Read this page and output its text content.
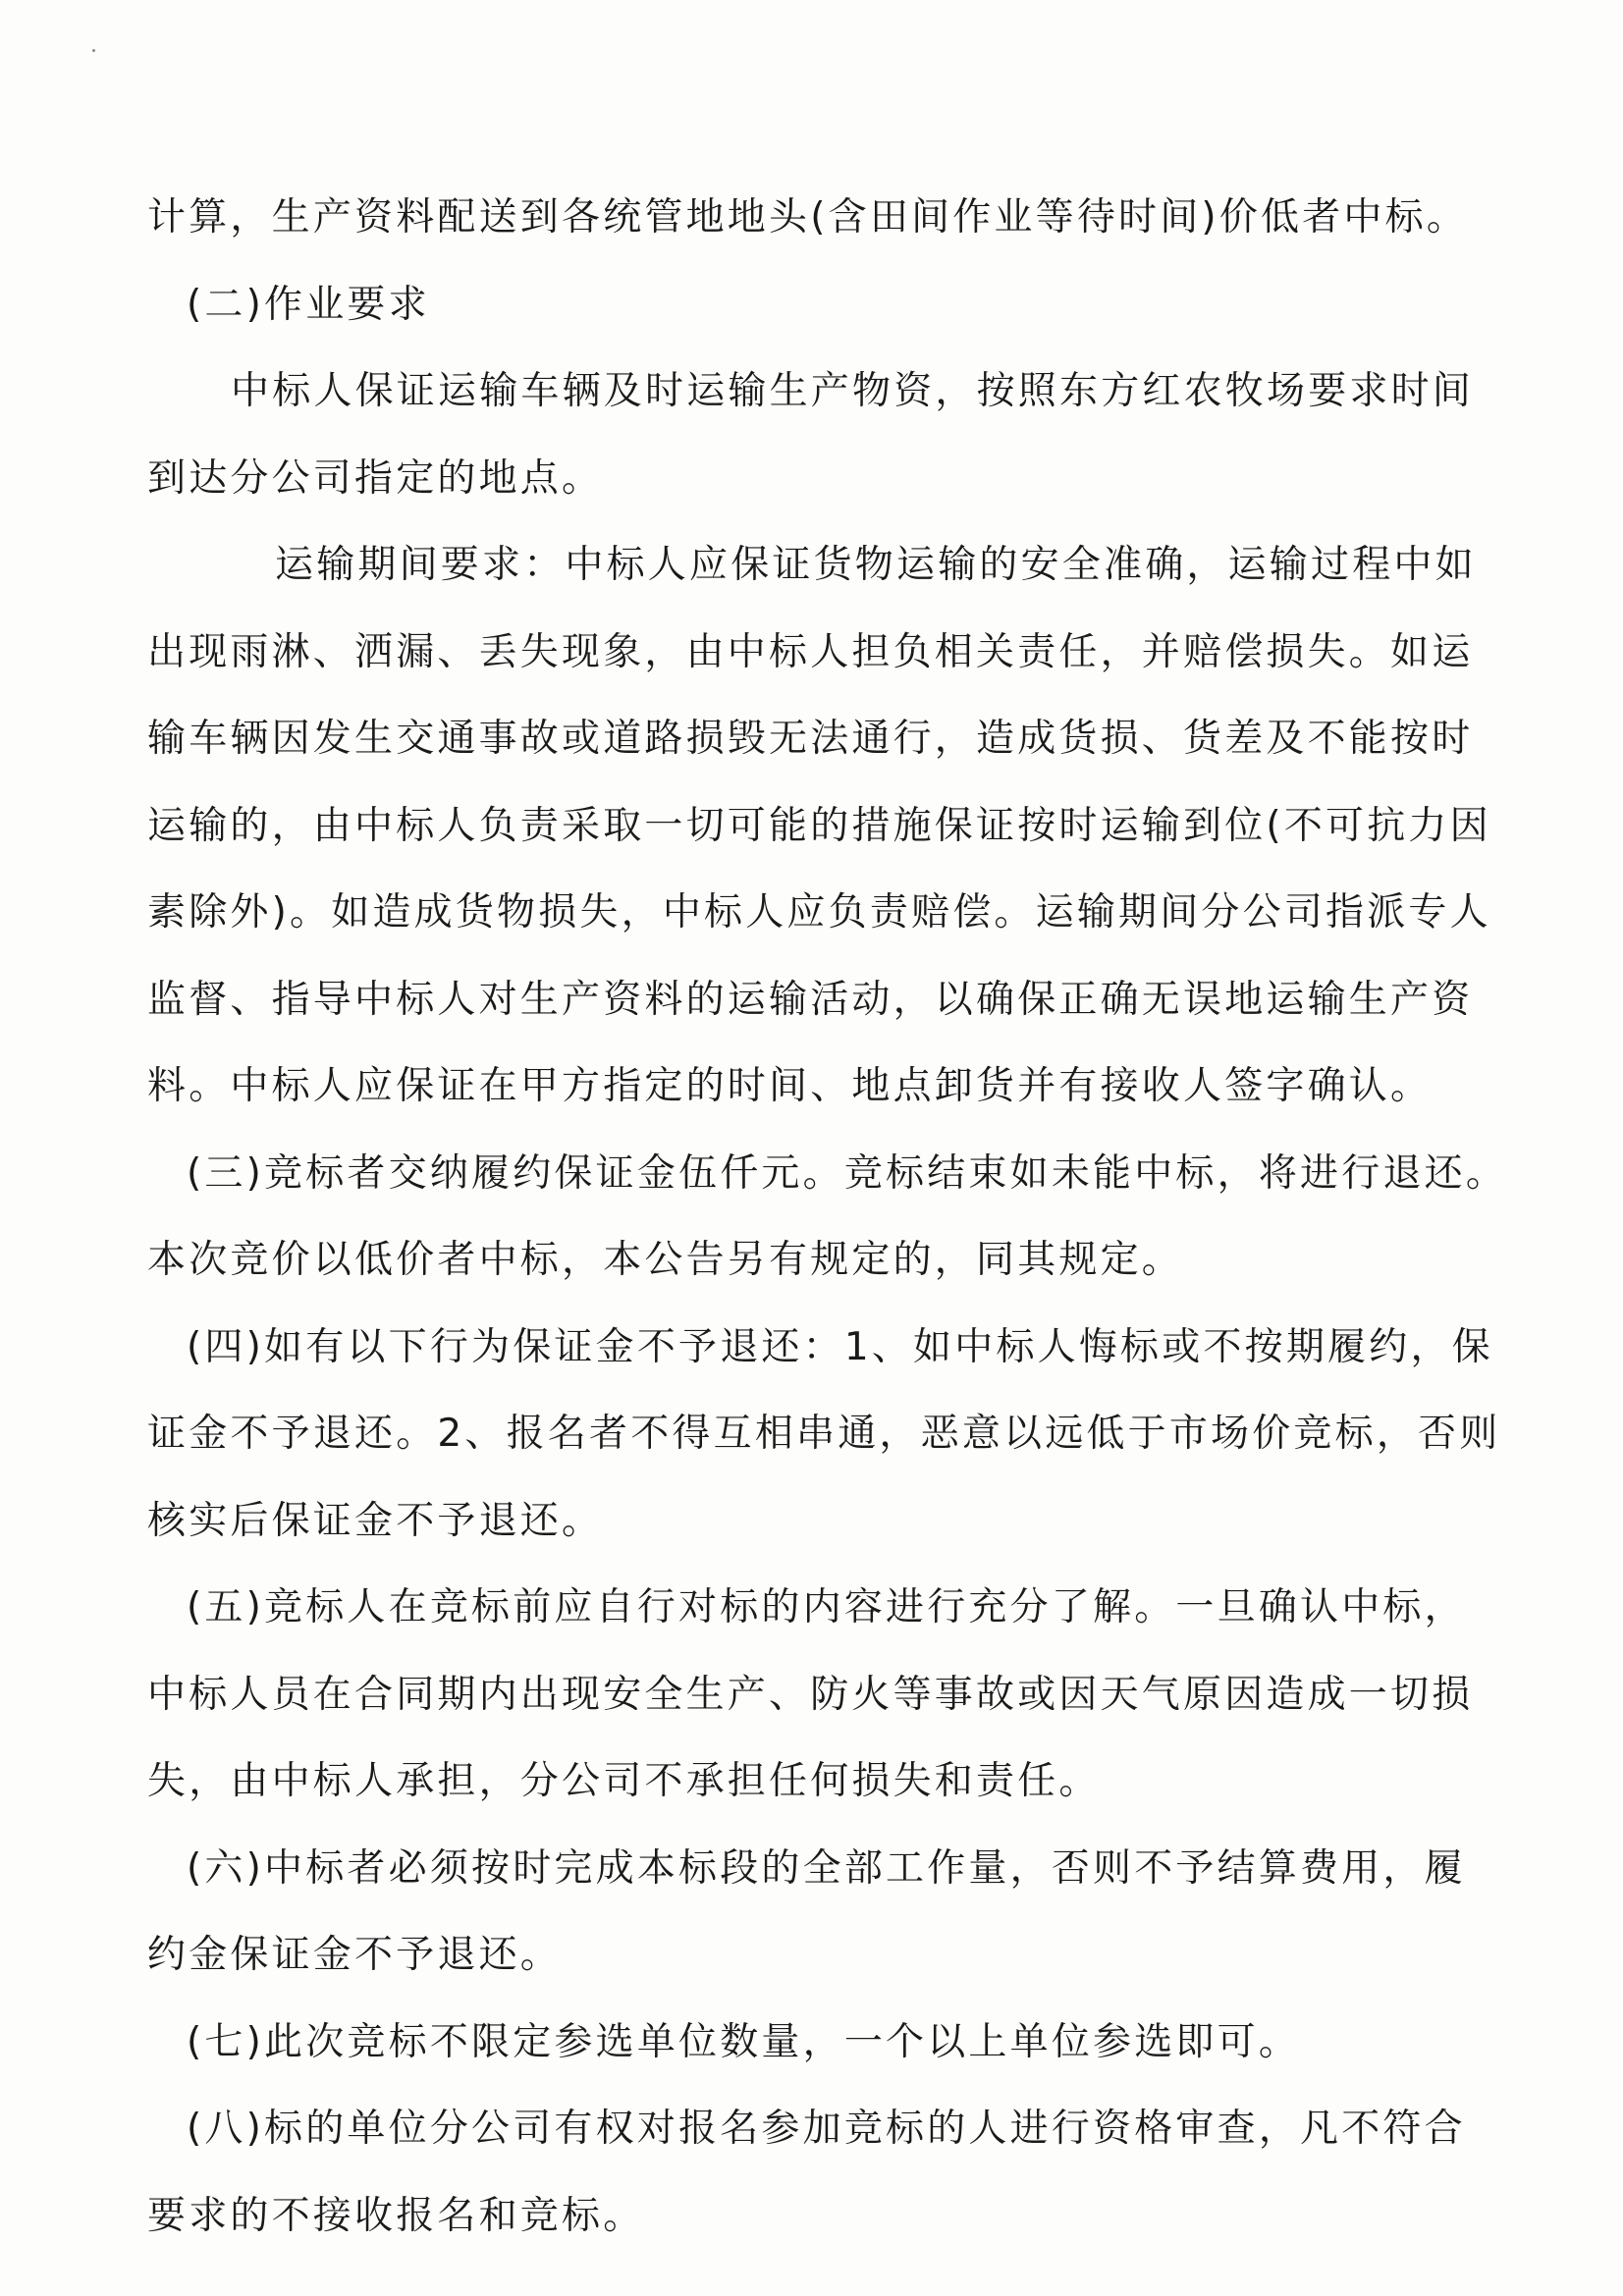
计算，生产资料配送到各统管地地头(含田间作业等待时间)价低者中标。

(二)作业要求

中标人保证运输车辆及时运输生产物资，按照东方红农牧场要求时间

到达分公司指定的地点。

运输期间要求：中标人应保证货物运输的安全准确，运输过程中如

出现雨淋、洒漏、丢失现象，由中标人担负相关责任，并赔偿损失。如运

输车辆因发生交通事故或道路损毁无法通行，造成货损、货差及不能按时

运输的，由中标人负责采取一切可能的措施保证按时运输到位(不可抗力因

素除外)。如造成货物损失，中标人应负责赔偿。运输期间分公司指派专人

监督、指导中标人对生产资料的运输活动，以确保正确无误地运输生产资

料。中标人应保证在甲方指定的时间、地点卸货并有接收人签字确认。

(三)竞标者交纳履约保证金伍仟元。竞标结束如未能中标，将进行退还。

本次竞价以低价者中标，本公告另有规定的，同其规定。

(四)如有以下行为保证金不予退还：1、如中标人悔标或不按期履约，保

证金不予退还。2、报名者不得互相串通，恶意以远低于市场价竞标，否则

核实后保证金不予退还。

(五)竞标人在竞标前应自行对标的内容进行充分了解。一旦确认中标，

中标人员在合同期内出现安全生产、防火等事故或因天气原因造成一切损

失，由中标人承担，分公司不承担任何损失和责任。

(六)中标者必须按时完成本标段的全部工作量，否则不予结算费用，履

约金保证金不予退还。

(七)此次竞标不限定参选单位数量，一个以上单位参选即可。

(八)标的单位分公司有权对报名参加竞标的人进行资格审查，凡不符合

要求的不接收报名和竞标。
